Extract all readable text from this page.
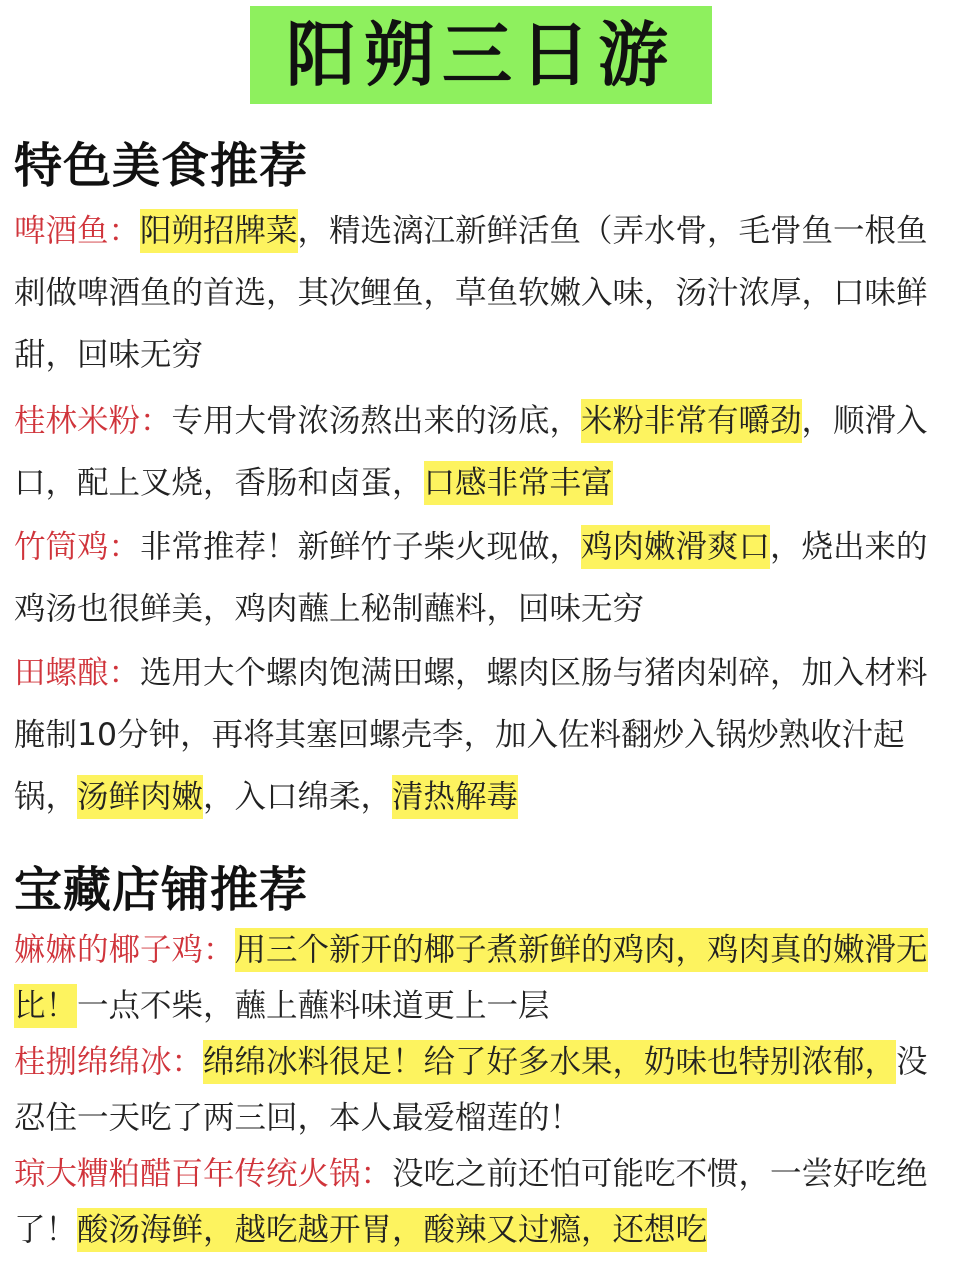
阳朔三日游
特色美食推荐

啤酒鱼：阳朔招牌菜，精选漓江新鲜活鱼（弄水骨，毛骨鱼一根鱼刺做啤酒鱼的首选，其次鲤鱼，草鱼软嫩入味，汤汁浓厚，口味鲜甜，回味无穷

桂林米粉：专用大骨浓汤熬出来的汤底，米粉非常有嚼劲，顺滑入口，配上叉烧，香肠和卤蛋，口感非常丰富

竹筒鸡：非常推荐！新鲜竹子柴火现做，鸡肉嫩滑爽口，烧出来的鸡汤也很鲜美，鸡肉蘸上秘制蘸料，回味无穷

田螺酿：选用大个螺肉饱满田螺，螺肉区肠与猪肉剁碎，加入材料腌制10分钟，再将其塞回螺壳李，加入佐料翻炒入锅炒熟收汁起锅，汤鲜肉嫩，入口绵柔，清热解毒

宝藏店铺推荐

嫲嫲的椰子鸡：用三个新开的椰子煮新鲜的鸡肉，鸡肉真的嫩滑无比！一点不柴，蘸上蘸料味道更上一层

桂捌绵绵冰：绵绵冰料很足！给了好多水果，奶味也特别浓郁，没忍住一天吃了两三回，本人最爱榴莲的！

琼大糟粕醋百年传统火锅：没吃之前还怕可能吃不惯，一尝好吃绝了！酸汤海鲜，越吃越开胃，酸辣又过瘾，还想吃
